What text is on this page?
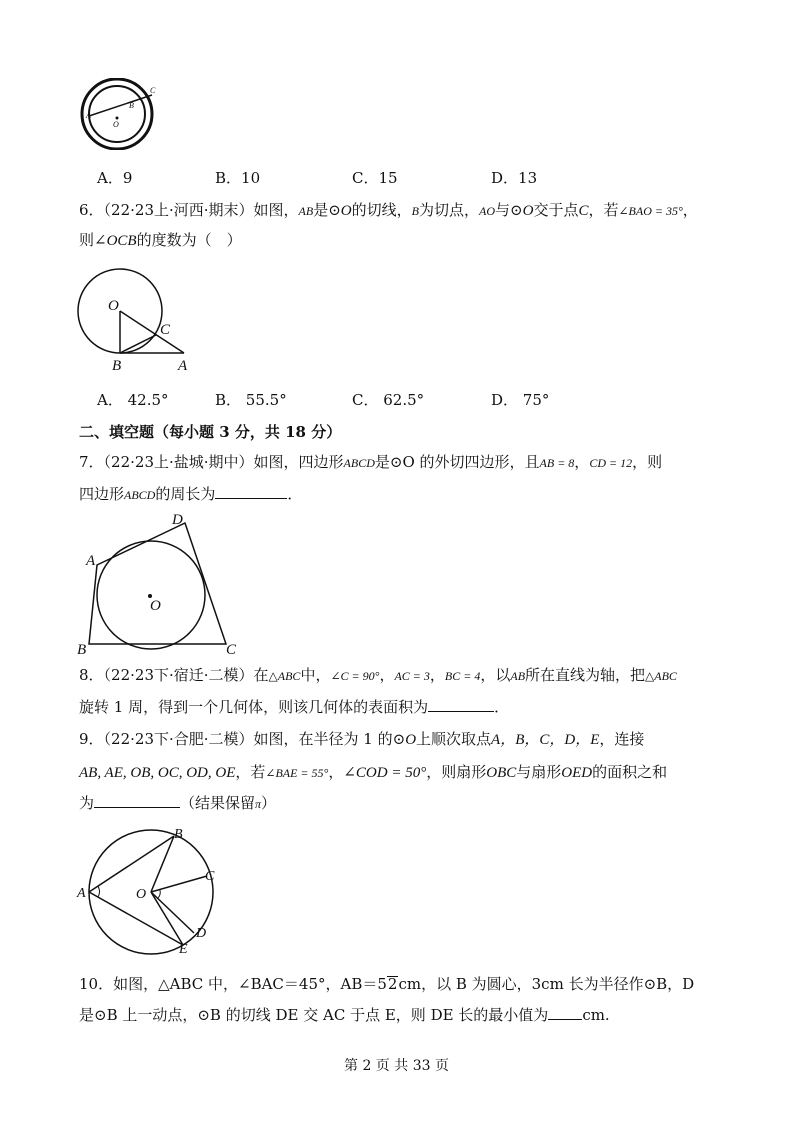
A
B
C
O
A．9	B．10	C．15	D．13
6．（22·23上·河西·期末）如图，AB是⊙O的切线，B为切点，AO与⊙O交于点C，若∠BAO = 35°，
则∠OCB的度数为（　）
O
C
B	A
A． 42.5°	B． 55.5°	C． 62.5°	D． 75°
二、填空题（每小题 3 分，共 18 分）
7．（22·23上·盐城·期中）如图，四边形ABCD是⊙O 的外切四边形，且AB = 8，CD = 12，则
四边形ABCD的周长为	．
A
D
O
B	C
8．（22·23下·宿迁·二模）在△ABC中，∠C = 90°，AC = 3，BC = 4，以AB所在直线为轴，把△ABC
旋转 1 周，得到一个几何体，则该几何体的表面积为	．
9．（22·23下·合肥·二模）如图，在半径为 1 的⊙O上顺次取点A，B，C，D，E，连接
AB, AE, OB, OC, OD, OE，若∠BAE = 55°，∠COD = 50°，则扇形OBC与扇形OED的面积之和
为	（结果保留π）
A
B
C
O
D
E
10．如图，△ABC 中，∠BAC＝45°，AB＝52cm，以 B 为圆心，3cm 长为半径作⊙B，D
是⊙B 上一动点，⊙B 的切线 DE 交 AC 于点 E，则 DE 长的最小值为 cm.
第 2 页 共 33 页
